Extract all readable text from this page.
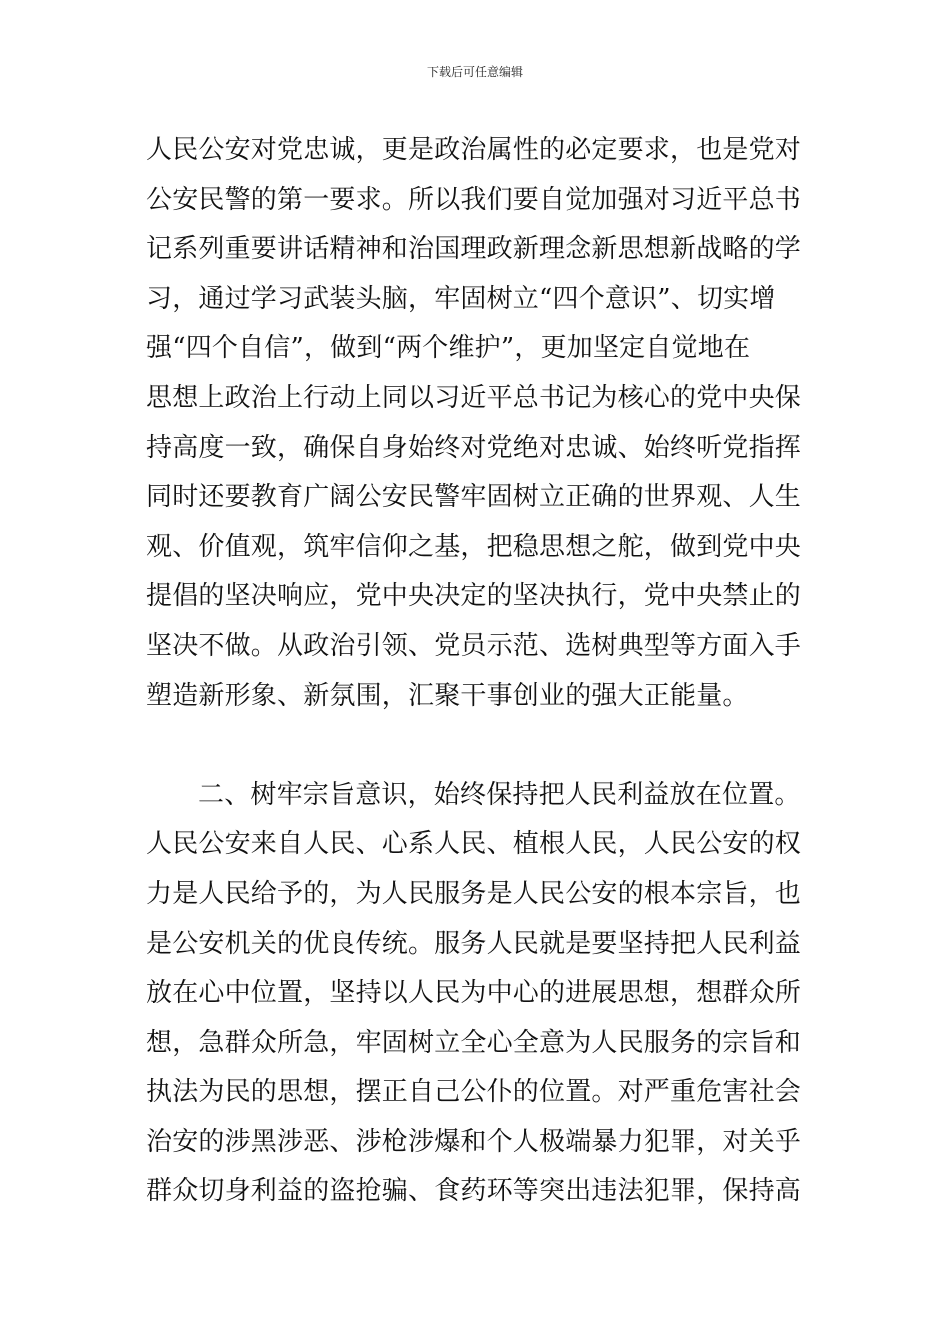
下载后可任意编辑
人民公安对党忠诚，更是政治属性的必定要求，也是党对
公安民警的第一要求。所以我们要自觉加强对习近平总书
记系列重要讲话精神和治国理政新理念新思想新战略的学
习，通过学习武装头脑，牢固树立“四个意识”、切实增
强“四个自信”，做到“两个维护”，更加坚定自觉地在
思想上政治上行动上同以习近平总书记为核心的党中央保
持高度一致，确保自身始终对党绝对忠诚、始终听党指挥
同时还要教育广阔公安民警牢固树立正确的世界观、人生
观、价值观，筑牢信仰之基，把稳思想之舵，做到党中央
提倡的坚决响应，党中央决定的坚决执行，党中央禁止的
坚决不做。从政治引领、党员示范、选树典型等方面入手
塑造新形象、新氛围，汇聚干事创业的强大正能量。
二、树牢宗旨意识，始终保持把人民利益放在位置。
人民公安来自人民、心系人民、植根人民，人民公安的权
力是人民给予的，为人民服务是人民公安的根本宗旨，也
是公安机关的优良传统。服务人民就是要坚持把人民利益
放在心中位置，坚持以人民为中心的进展思想，想群众所
想，急群众所急，牢固树立全心全意为人民服务的宗旨和
执法为民的思想，摆正自己公仆的位置。对严重危害社会
治安的涉黑涉恶、涉枪涉爆和个人极端暴力犯罪，对关乎
群众切身利益的盗抢骗、食药环等突出违法犯罪，保持高
